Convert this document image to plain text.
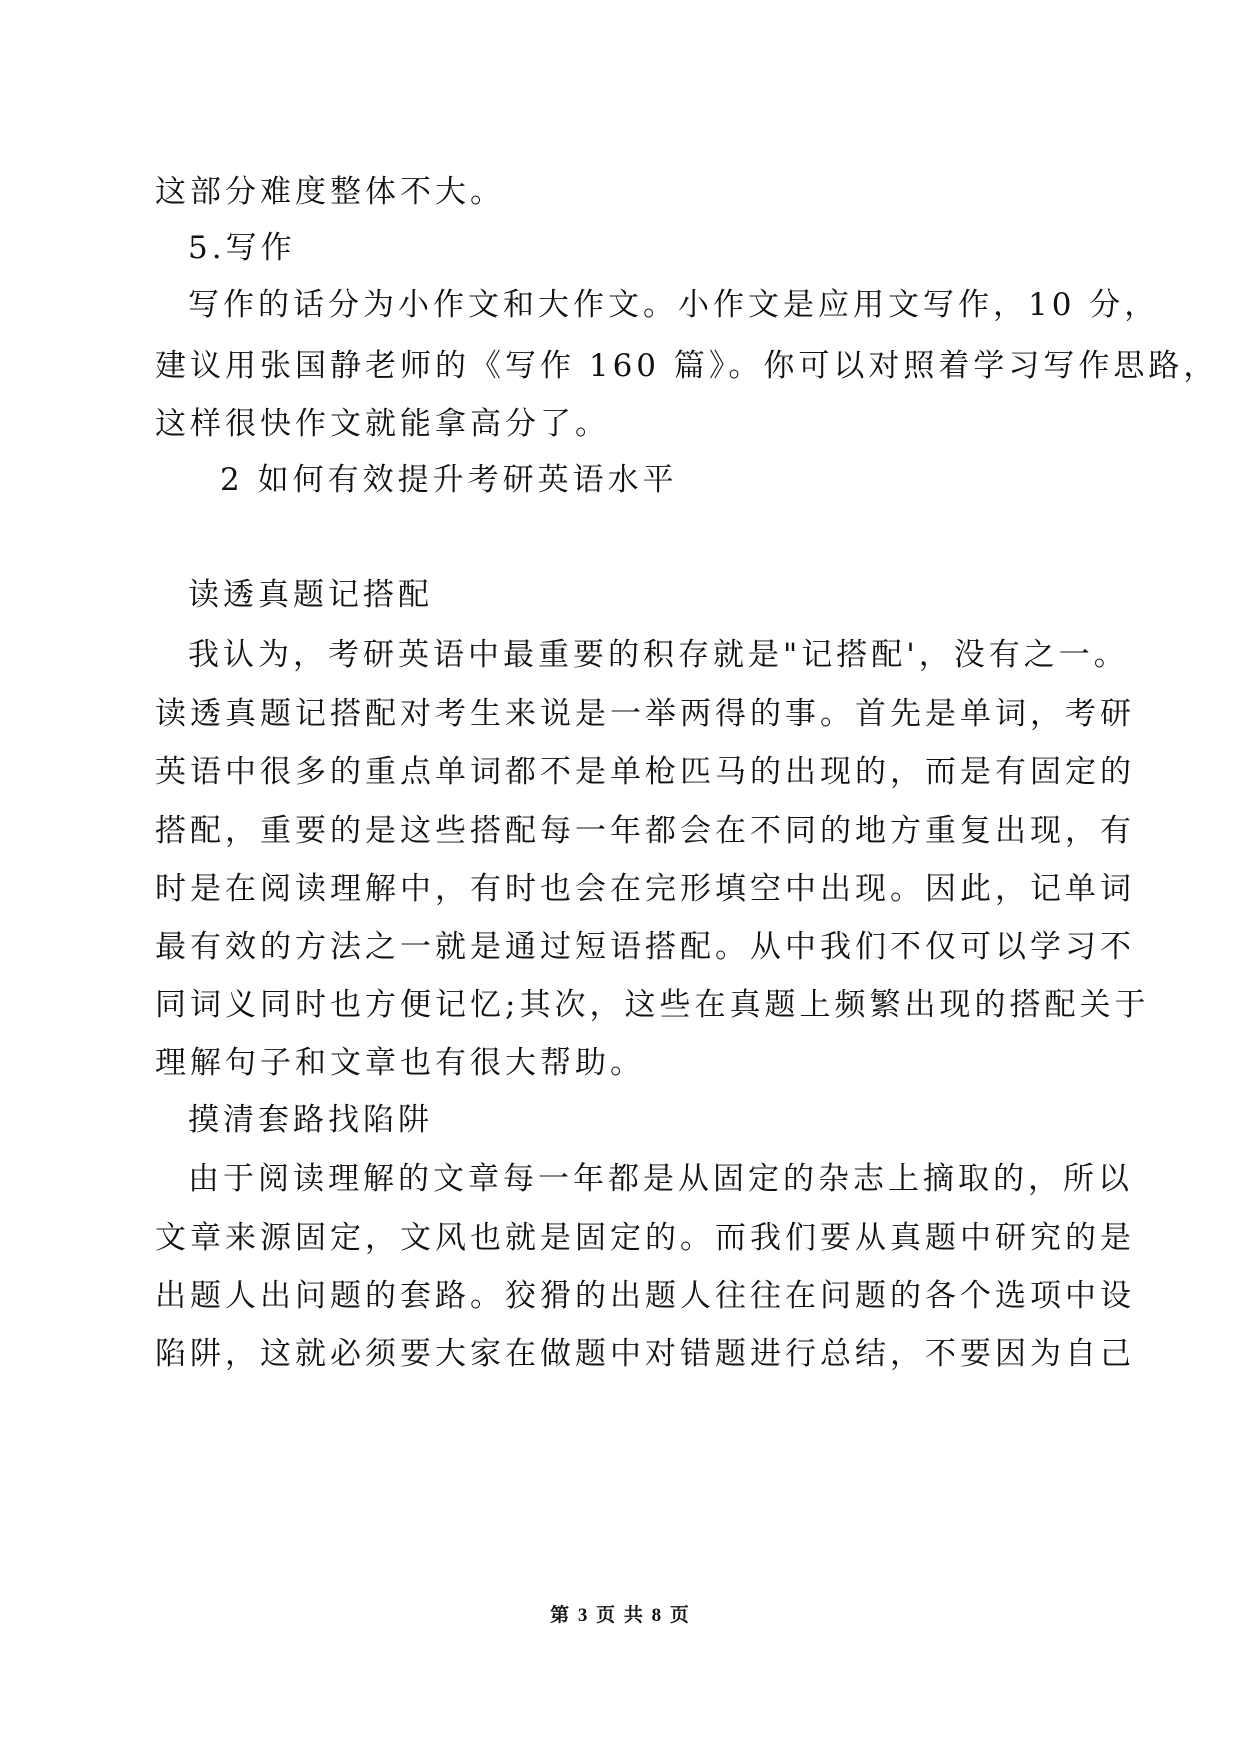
这部分难度整体不大。
5.写作
写作的话分为小作文和大作文。小作文是应用文写作，10 分，
建议用张国静老师的《写作 160 篇》。你可以对照着学习写作思路，
这样很快作文就能拿高分了。
2 如何有效提升考研英语水平
读透真题记搭配
我认为，考研英语中最重要的积存就是"记搭配'，没有之一。
读透真题记搭配对考生来说是一举两得的事。首先是单词，考研
英语中很多的重点单词都不是单枪匹马的出现的，而是有固定的
搭配，重要的是这些搭配每一年都会在不同的地方重复出现，有
时是在阅读理解中，有时也会在完形填空中出现。因此，记单词
最有效的方法之一就是通过短语搭配。从中我们不仅可以学习不
同词义同时也方便记忆;其次，这些在真题上频繁出现的搭配关于
理解句子和文章也有很大帮助。
摸清套路找陷阱
由于阅读理解的文章每一年都是从固定的杂志上摘取的，所以
文章来源固定，文风也就是固定的。而我们要从真题中研究的是
出题人出问题的套路。狡猾的出题人往往在问题的各个选项中设
陷阱，这就必须要大家在做题中对错题进行总结，不要因为自己
第 3 页 共 8 页
